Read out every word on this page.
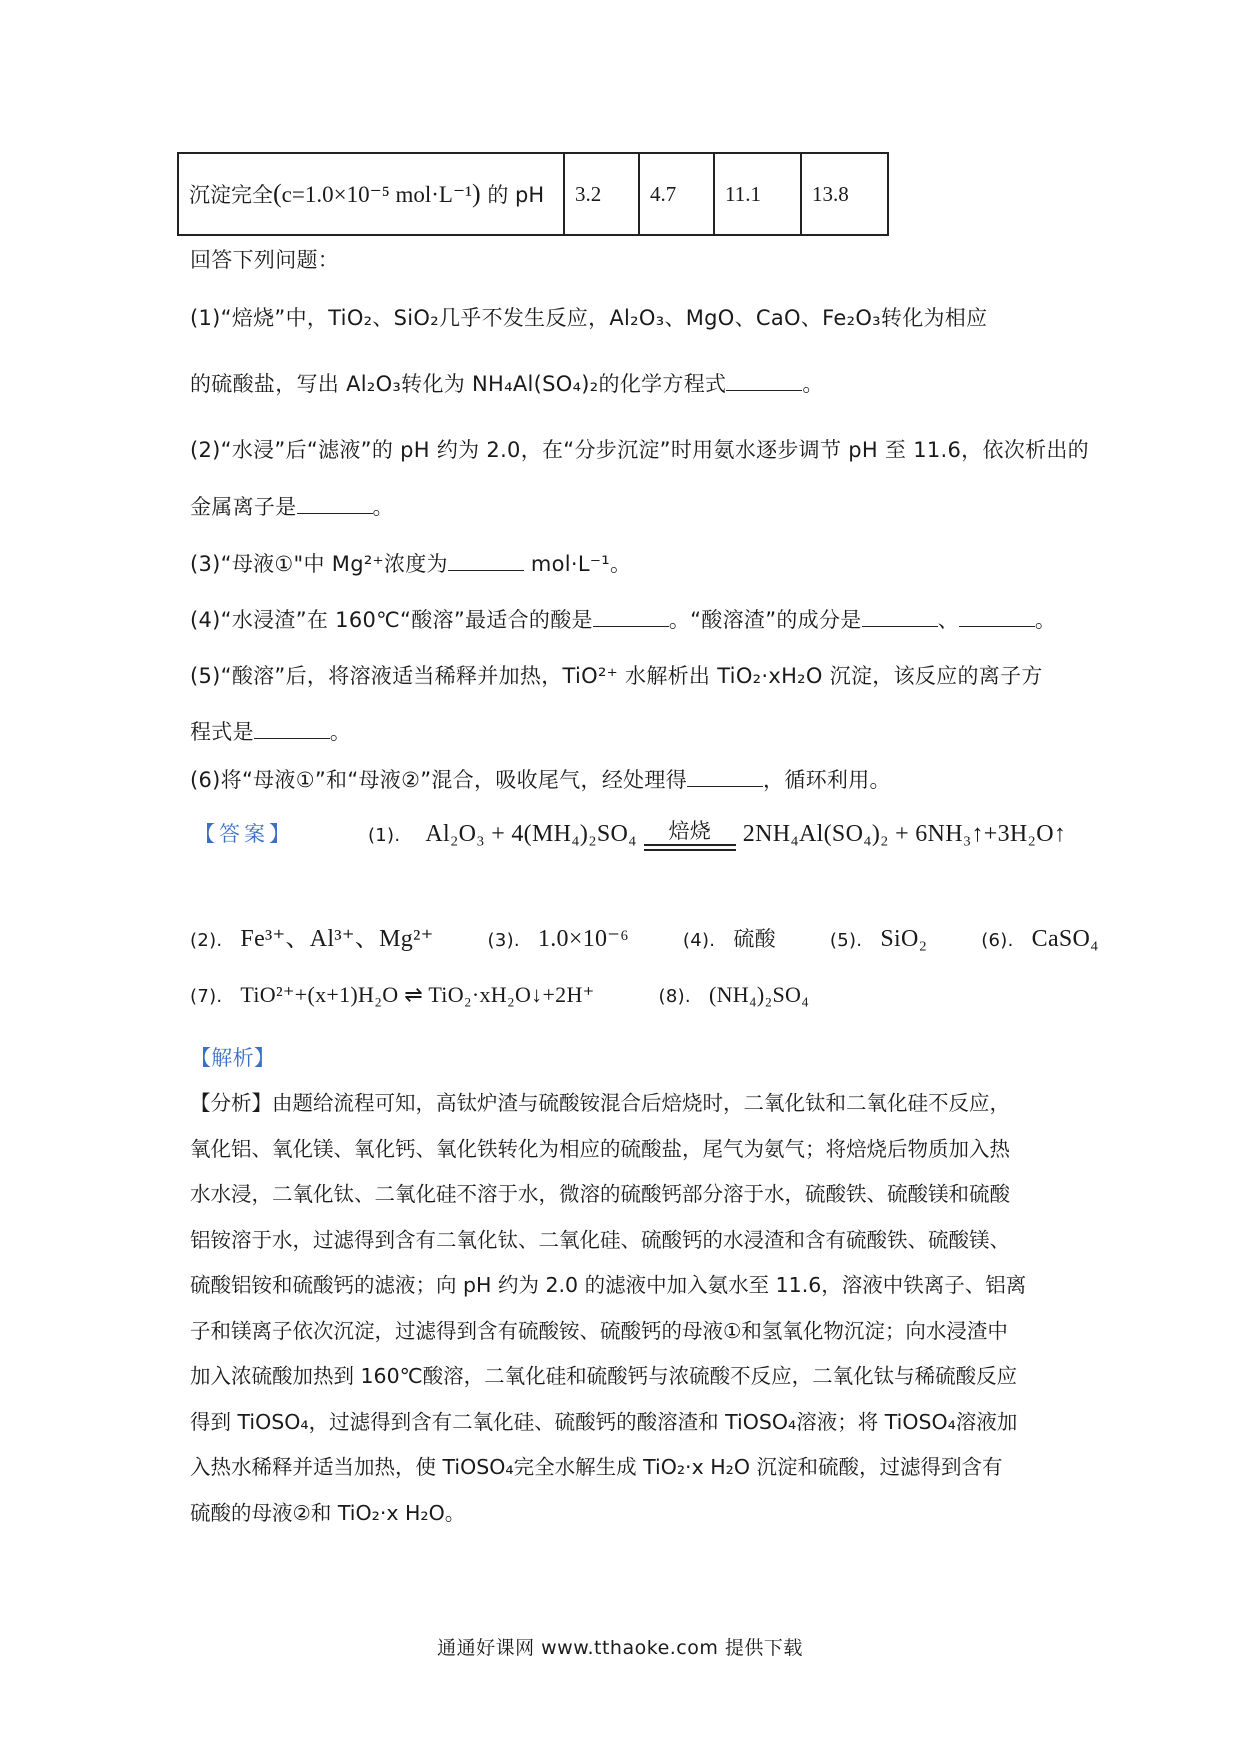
沉淀完全(c=1.0×10⁻⁵ mol·L⁻¹) 的 pH	3.2	4.7	11.1	13.8
回答下列问题：
(1)“焙烧”中，TiO₂、SiO₂几乎不发生反应，Al₂O₃、MgO、CaO、Fe₂O₃转化为相应
的硫酸盐，写出 Al₂O₃转化为 NH₄Al(SO₄)₂的化学方程式	。
(2)“水浸”后“滤液”的 pH 约为 2.0，在“分步沉淀”时用氨水逐步调节 pH 至 11.6，依次析出的
金属离子是	。
(3)“母液①"中 Mg²⁺浓度为	mol·L⁻¹。
(4)“水浸渣”在 160℃“酸溶”最适合的酸是	。“酸溶渣”的成分是	、	。
(5)“酸溶”后，将溶液适当稀释并加热，TiO²⁺ 水解析出 TiO₂·xH₂O 沉淀，该反应的离子方
程式是	。
(6)将“母液①”和“母液②”混合，吸收尾气，经处理得	，循环利用。
【答案】	(1). Al₂O₃ + 4(MH₄)₂SO₄	焙烧	2NH₄Al(SO₄)₂ + 6NH₃↑+3H₂O↑
(2). Fe³⁺、Al³⁺、Mg²⁺	(3). 1.0×10⁻⁶	(4). 硫酸	(5). SiO₂	(6). CaSO₄
(7). TiO²⁺+(x+1)H₂O ⇌ TiO₂·xH₂O↓+2H⁺	(8). (NH₄)₂SO₄
【解析】
【分析】由题给流程可知，高钛炉渣与硫酸铵混合后焙烧时，二氧化钛和二氧化硅不反应，
氧化铝、氧化镁、氧化钙、氧化铁转化为相应的硫酸盐，尾气为氨气；将焙烧后物质加入热
水水浸，二氧化钛、二氧化硅不溶于水，微溶的硫酸钙部分溶于水，硫酸铁、硫酸镁和硫酸
铝铵溶于水，过滤得到含有二氧化钛、二氧化硅、硫酸钙的水浸渣和含有硫酸铁、硫酸镁、
硫酸铝铵和硫酸钙的滤液；向 pH 约为 2.0 的滤液中加入氨水至 11.6，溶液中铁离子、铝离
子和镁离子依次沉淀，过滤得到含有硫酸铵、硫酸钙的母液①和氢氧化物沉淀；向水浸渣中
加入浓硫酸加热到 160℃酸溶，二氧化硅和硫酸钙与浓硫酸不反应，二氧化钛与稀硫酸反应
得到 TiOSO₄，过滤得到含有二氧化硅、硫酸钙的酸溶渣和 TiOSO₄溶液；将 TiOSO₄溶液加
入热水稀释并适当加热，使 TiOSO₄完全水解生成 TiO₂·x H₂O 沉淀和硫酸，过滤得到含有
硫酸的母液②和 TiO₂·x H₂O。
通通好课网 www.tthaoke.com 提供下载
